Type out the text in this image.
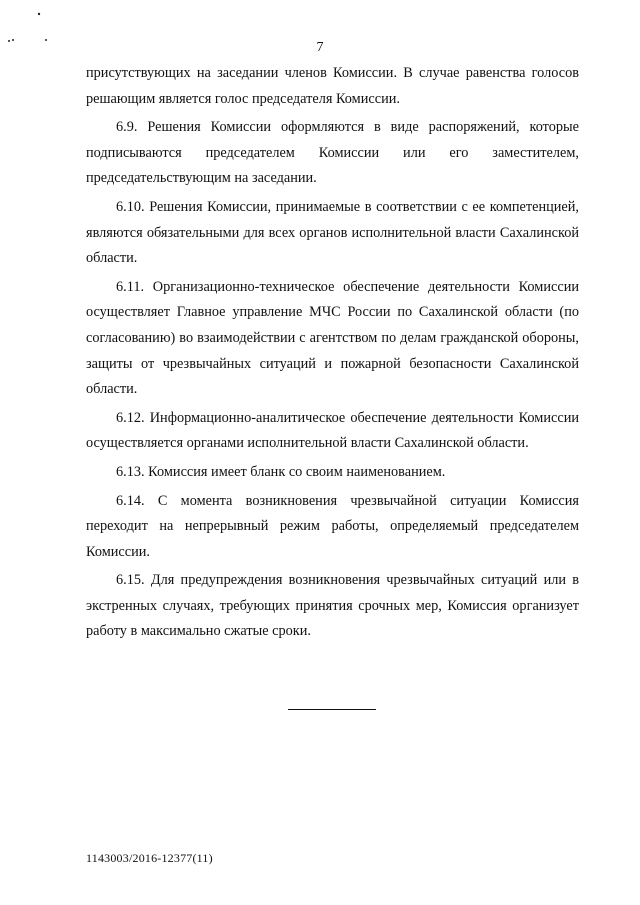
7

присутствующих на заседании членов Комиссии. В случае равенства голосов решающим является голос председателя Комиссии.

6.9. Решения Комиссии оформляются в виде распоряжений, которые подписываются председателем Комиссии или его заместителем, председательствующим на заседании.

6.10. Решения Комиссии, принимаемые в соответствии с ее компетенцией, являются обязательными для всех органов исполнительной власти Сахалинской области.

6.11. Организационно-техническое обеспечение деятельности Комиссии осуществляет Главное управление МЧС России по Сахалинской области (по согласованию) во взаимодействии с агентством по делам гражданской обороны, защиты от чрезвычайных ситуаций и пожарной безопасности Сахалинской области.

6.12. Информационно-аналитическое обеспечение деятельности Комиссии осуществляется органами исполнительной власти Сахалинской области.

6.13. Комиссия имеет бланк со своим наименованием.

6.14. С момента возникновения чрезвычайной ситуации Комиссия переходит на непрерывный режим работы, определяемый председателем Комиссии.

6.15. Для предупреждения возникновения чрезвычайных ситуаций или в экстренных случаях, требующих принятия срочных мер, Комиссия организует работу в максимально сжатые сроки.

1143003/2016-12377(11)
